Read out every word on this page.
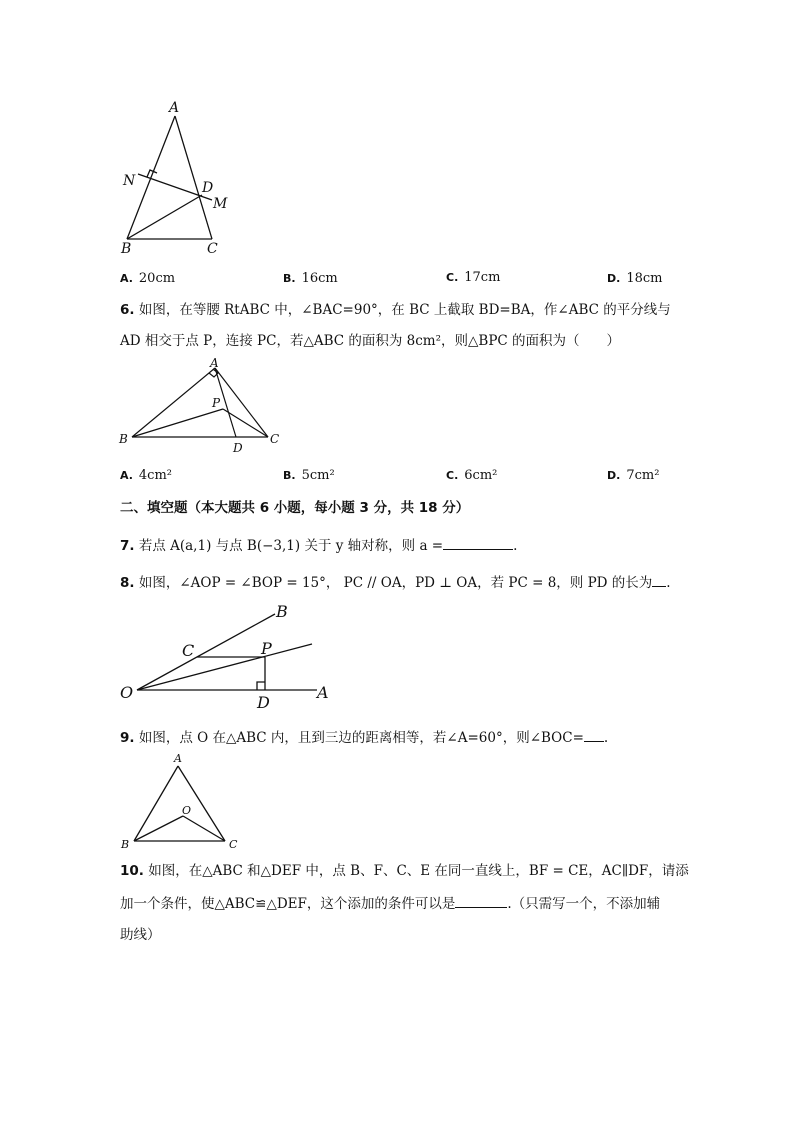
A
N	D
M
B	C
A. 20cm	B. 16cm	C. 17cm	D. 18cm
6. 如图，在等腰 RtABC 中，∠BAC=90°，在 BC 上截取 BD=BA，作∠ABC 的平分线与
AD 相交于点 P，连接 PC，若△ABC 的面积为 8cm²，则△BPC 的面积为（　　）
A
P
B
D
C
A. 4cm²	B. 5cm²	C. 6cm²	D. 7cm²
二、填空题（本大题共 6 小题，每小题 3 分，共 18 分）
7. 若点 A(a,1) 与点 B(−3,1) 关于 y 轴对称，则 a =	.
8. 如图，∠AOP = ∠BOP = 15°， PC // OA，PD ⊥ OA，若 PC = 8，则 PD 的长为 .
B
C	P
O
D
A
9. 如图，点 O 在△ABC 内，且到三边的距离相等，若∠A=60°，则∠BOC= .
A
O
B	C
10. 如图，在△ABC 和△DEF 中，点 B、F、C、E 在同一直线上，BF = CE，AC∥DF，请添
加一个条件，使△ABC≌△DEF，这个添加的条件可以是	.（只需写一个，不添加辅
助线）
